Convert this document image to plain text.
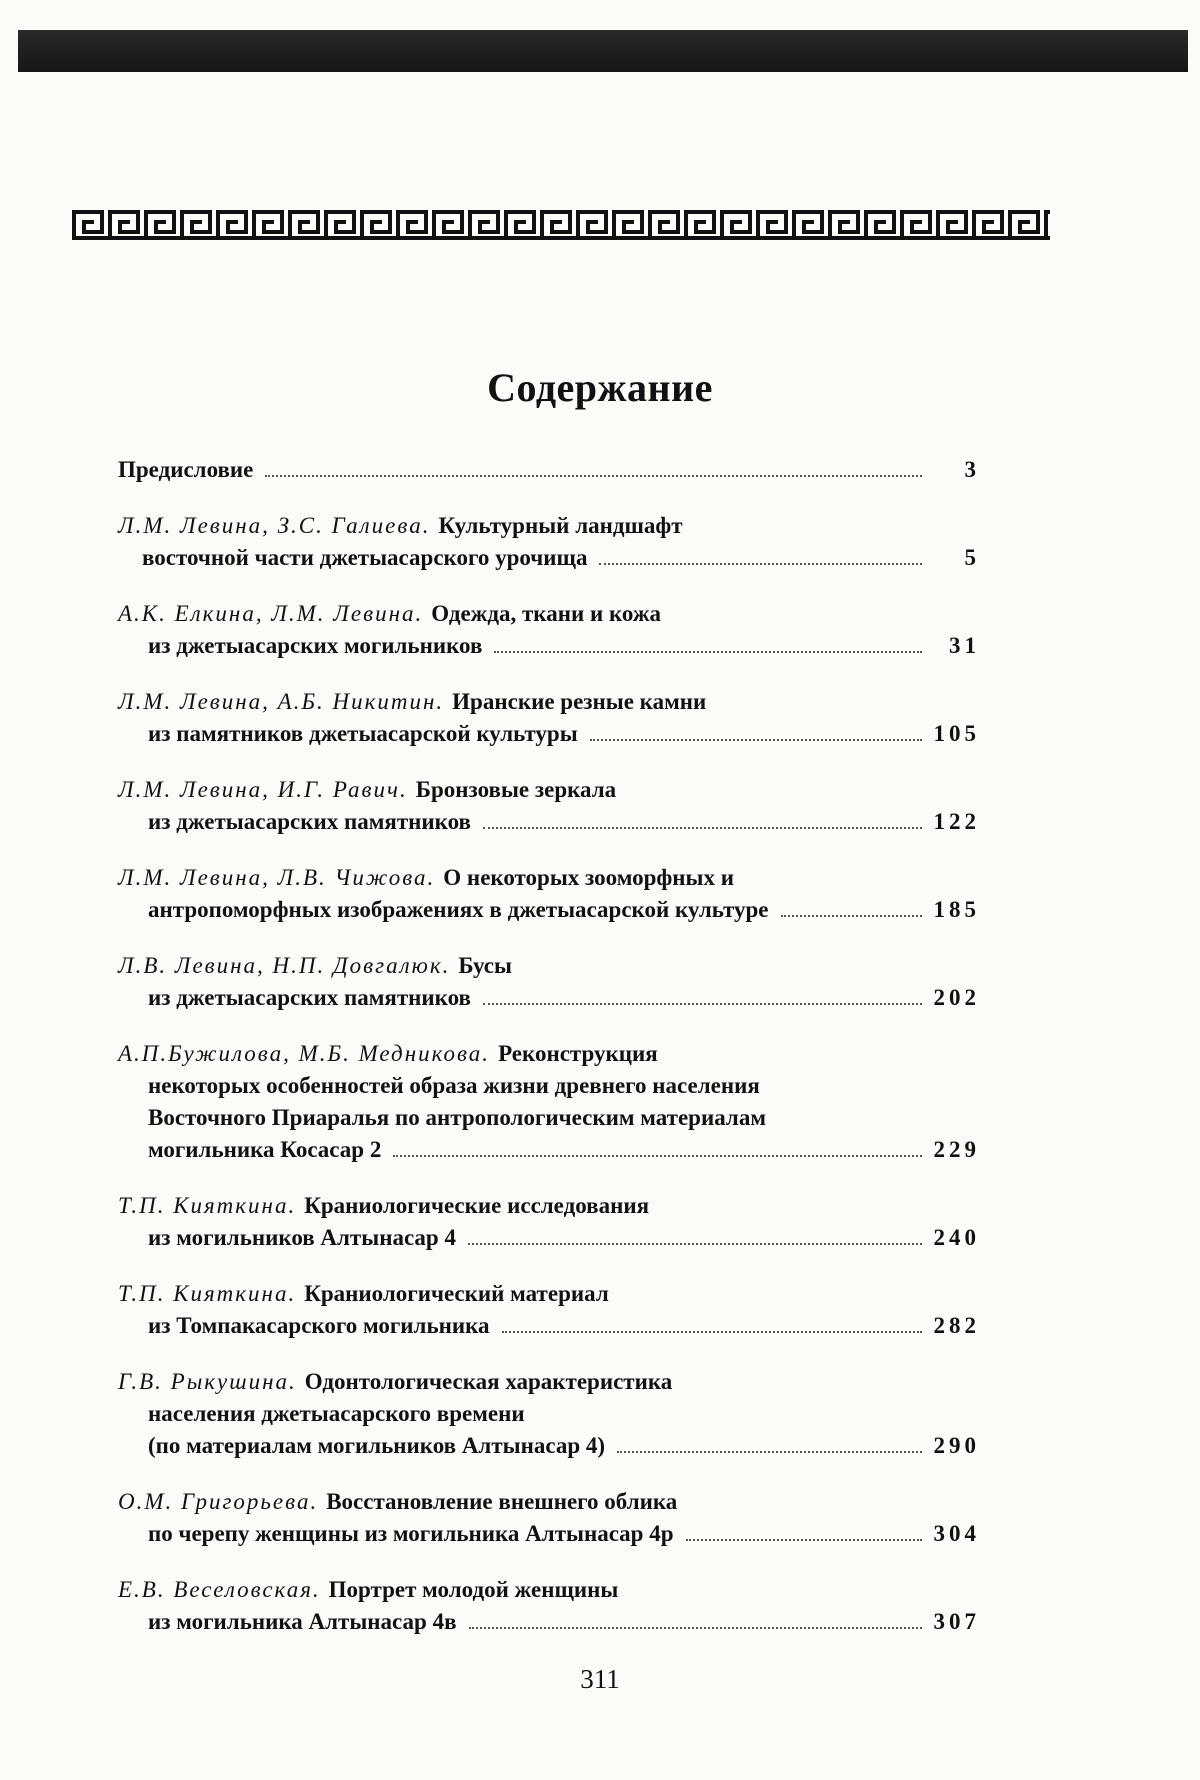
Содержание
Предисловие	3
Л.М. Левина, З.С. Галиева. Культурный ландшафт
восточной части джетыасарского урочища	5
А.К. Елкина, Л.М. Левина. Одежда, ткани и кожа
из джетыасарских могильников	31
Л.М. Левина, А.Б. Никитин. Иранские резные камни
из памятников джетыасарской культуры	105
Л.М. Левина, И.Г. Равич. Бронзовые зеркала
из джетыасарских памятников	122
Л.М. Левина, Л.В. Чижова. О некоторых зооморфных и
антропоморфных изображениях в джетыасарской культуре	185
Л.В. Левина, Н.П. Довгалюк. Бусы
из джетыасарских памятников	202
А.П.Бужилова, М.Б. Медникова. Реконструкция
некоторых особенностей образа жизни древнего населения
Восточного Приаралья по антропологическим материалам
могильника Косасар 2	229
Т.П. Кияткина. Краниологические исследования
из могильников Алтынасар 4	240
Т.П. Кияткина. Краниологический материал
из Томпакасарского могильника	282
Г.В. Рыкушина. Одонтологическая характеристика
населения джетыасарского времени
(по материалам могильников Алтынасар 4)	290
О.М. Григорьева. Восстановление внешнего облика
по черепу женщины из могильника Алтынасар 4р	304
Е.В. Веселовская. Портрет молодой женщины
из могильника Алтынасар 4в	307
311
